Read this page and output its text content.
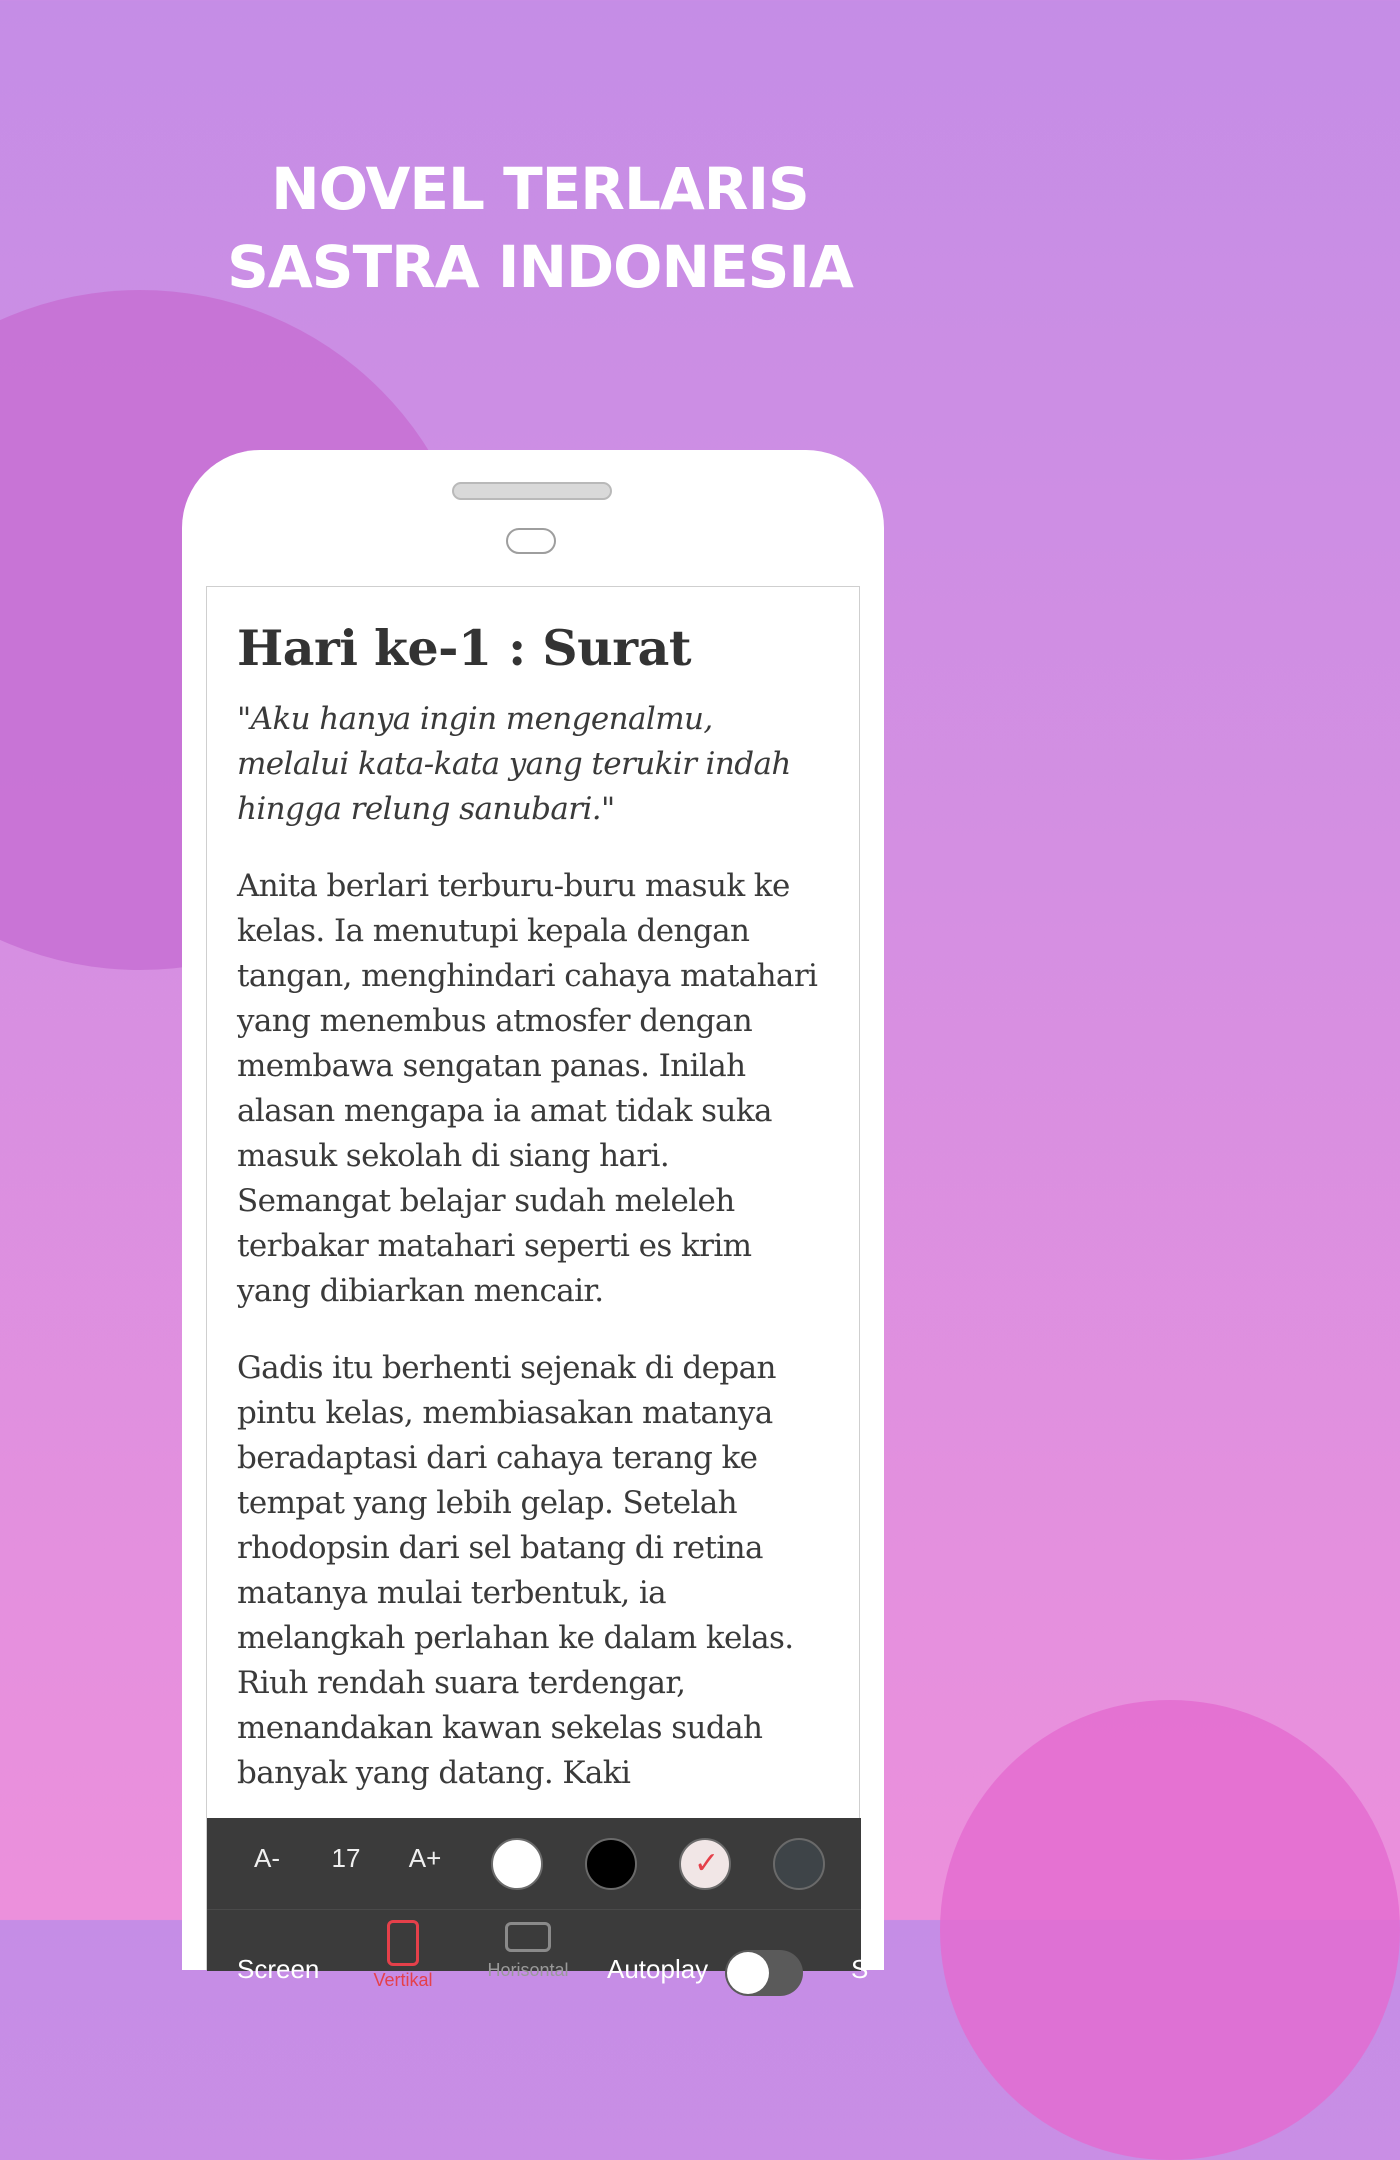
NOVEL TERLARIS
SASTRA INDONESIA
Hari ke-1 : Surat
"Aku hanya ingin mengenalmu, melalui kata-kata yang terukir indah hingga relung sanubari."

Anita berlari terburu-buru masuk ke kelas. Ia menutupi kepala dengan tangan, menghindari cahaya matahari yang menembus atmosfer dengan membawa sengatan panas. Inilah alasan mengapa ia amat tidak suka masuk sekolah di siang hari. Semangat belajar sudah meleleh terbakar matahari seperti es krim yang dibiarkan mencair.

Gadis itu berhenti sejenak di depan pintu kelas, membiasakan matanya beradaptasi dari cahaya terang ke tempat yang lebih gelap. Setelah rhodopsin dari sel batang di retina matanya mulai terbentuk, ia melangkah perlahan ke dalam kelas. Riuh rendah suara terdengar, menandakan kawan sekelas sudah banyak yang datang. Kaki

A-	17	A+	✓
Screen	Vertikal	Horisontal	Autoplay	S
